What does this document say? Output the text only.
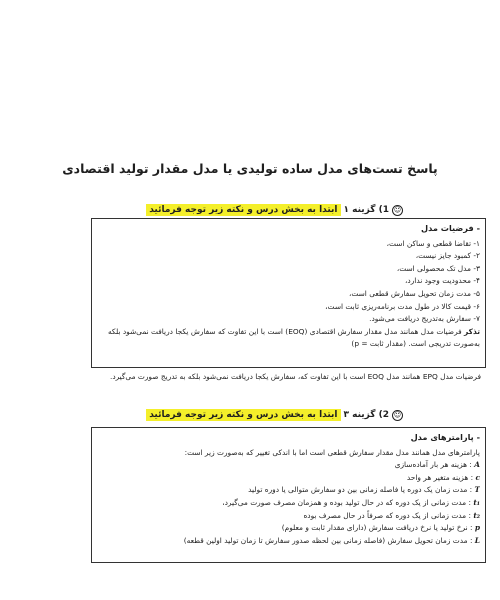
پاسخ تست‌های مدل ساده تولیدی یا مدل مقدار تولید اقتصادی
☺
1) گزینه ۱
ابتدا به بخش درس و نکته زیر توجه فرمائید
- فرضیات مدل
۱- تقاضا قطعی و ساکن است،
۲- کمبود جایز نیست،
۳- مدل تک محصولی است،
۴- محدودیت وجود ندارد،
۵- مدت زمان تحویل سفارش قطعی است،
۶- قیمت کالا در طول مدت برنامه‌ریزی ثابت است،
۷- سفارش به‌تدریج دریافت می‌شود.
تذکر فرضیات مدل همانند مدل مقدار سفارش اقتصادی (EOQ) است با این تفاوت که سفارش یکجا دریافت نمی‌شود بلکه به‌صورت تدریجی است. (مقدار ثابت = p)
فرضیات مدل EPQ همانند مدل EOQ است با این تفاوت که، سفارش یکجا دریافت نمی‌شود بلکه به تدریج صورت می‌گیرد.
☺
2) گزینه ۳
ابتدا به بخش درس و نکته زیر توجه فرمائید
- پارامترهای مدل
پارامترهای مدل همانند مدل مقدار سفارش قطعی است اما با اندکی تغییر که به‌صورت زیر است:
A : هزینه هر بار آماده‌سازی
c : هزینه متغیر هر واحد
T : مدت زمان یک دوره یا فاصله زمانی بین دو سفارش متوالی یا دوره تولید
t₁ : مدت زمانی از یک دوره که در حال تولید بوده و همزمان مصرف صورت می‌گیرد،
t₂ : مدت زمانی از یک دوره که صرفاً در حال مصرف بوده
p : نرخ تولید یا نرخ دریافت سفارش (دارای مقدار ثابت و معلوم)
L : مدت زمان تحویل سفارش (فاصله زمانی بین لحظه صدور سفارش تا زمان تولید اولین قطعه)
